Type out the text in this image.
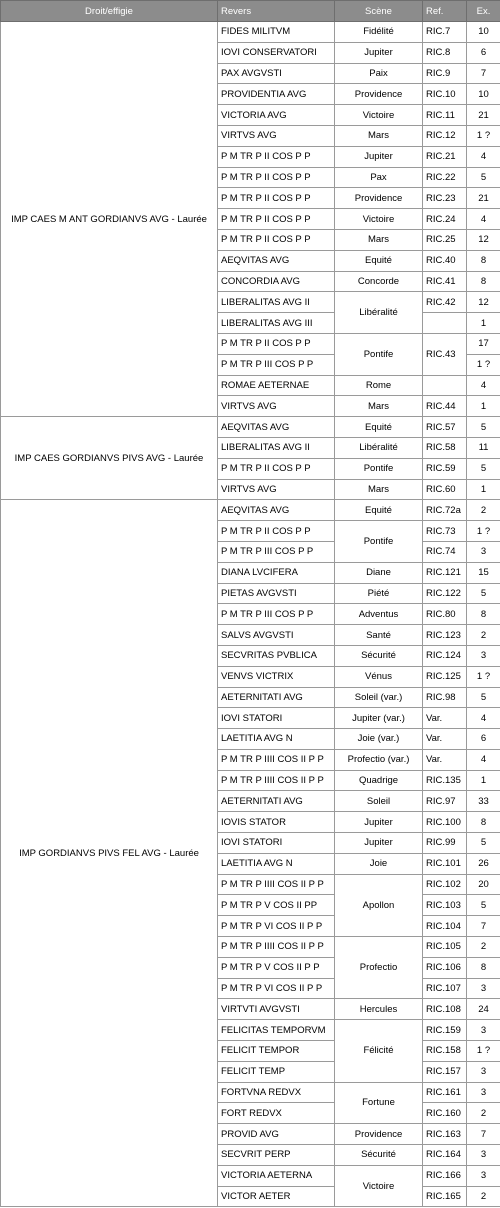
Droit/effigie	Revers	Scène	Ref.	Ex.
IMP CAES M ANT GORDIANVS AVG - Laurée	FIDES MILITVM	Fidélité	RIC.7	10
	IOVI CONSERVATORI	Jupiter	RIC.8	6
	PAX AVGVSTI	Paix	RIC.9	7
	PROVIDENTIA AVG	Providence	RIC.10	10
	VICTORIA AVG	Victoire	RIC.11	21
	VIRTVS AVG	Mars	RIC.12	1 ?
	P M TR P II COS P P	Jupiter	RIC.21	4
	P M TR P II COS P P	Pax	RIC.22	5
	P M TR P II COS P P	Providence	RIC.23	21
	P M TR P II COS P P	Victoire	RIC.24	4
	P M TR P II COS P P	Mars	RIC.25	12
	AEQVITAS AVG	Equité	RIC.40	8
	CONCORDIA AVG	Concorde	RIC.41	8
	LIBERALITAS AVG II	Libéralité	RIC.42	12
	LIBERALITAS AVG III			1
	P M TR P II COS P P	Pontife	RIC.43	17
	P M TR P III COS P P			1 ?
	ROMAE AETERNAE	Rome		4
	VIRTVS AVG	Mars	RIC.44	1
IMP CAES GORDIANVS PIVS AVG - Laurée	AEQVITAS AVG	Equité	RIC.57	5
	LIBERALITAS AVG II	Libéralité	RIC.58	11
	P M TR P II COS P P	Pontife	RIC.59	5
	VIRTVS AVG	Mars	RIC.60	1
IMP GORDIANVS PIVS FEL AVG - Laurée	AEQVITAS AVG	Equité	RIC.72a	2
	P M TR P II COS P P	Pontife	RIC.73	1 ?
	P M TR P III COS P P		RIC.74	3
	DIANA LVCIFERA	Diane	RIC.121	15
	PIETAS AVGVSTI	Piété	RIC.122	5
	P M TR P III COS P P	Adventus	RIC.80	8
	SALVS AVGVSTI	Santé	RIC.123	2
	SECVRITAS PVBLICA	Sécurité	RIC.124	3
	VENVS VICTRIX	Vénus	RIC.125	1 ?
	AETERNITATI AVG	Soleil (var.)	RIC.98	5
	IOVI STATORI	Jupiter (var.)	Var.	4
	LAETITIA AVG N	Joie (var.)	Var.	6
	P M TR P IIII COS II P P	Profectio (var.)	Var.	4
	P M TR P IIII COS II P P	Quadrige	RIC.135	1
	AETERNITATI AVG	Soleil	RIC.97	33
	IOVIS STATOR	Jupiter	RIC.100	8
	IOVI STATORI	Jupiter	RIC.99	5
	LAETITIA AVG N	Joie	RIC.101	26
	P M TR P IIII COS II P P	Apollon	RIC.102	20
	P M TR P V COS II PP		RIC.103	5
	P M TR P VI COS II P P		RIC.104	7
	P M TR P IIII COS II P P	Profectio	RIC.105	2
	P M TR P V COS II P P		RIC.106	8
	P M TR P VI COS II P P		RIC.107	3
	VIRTVTI AVGVSTI	Hercules	RIC.108	24
	FELICITAS TEMPORVM	Félicité	RIC.159	3
	FELICIT TEMPOR		RIC.158	1 ?
	FELICIT TEMP		RIC.157	3
	FORTVNA REDVX	Fortune	RIC.161	3
	FORT REDVX		RIC.160	2
	PROVID AVG	Providence	RIC.163	7
	SECVRIT PERP	Sécurité	RIC.164	3
	VICTORIA AETERNA	Victoire	RIC.166	3
	VICTOR AETER		RIC.165	2
